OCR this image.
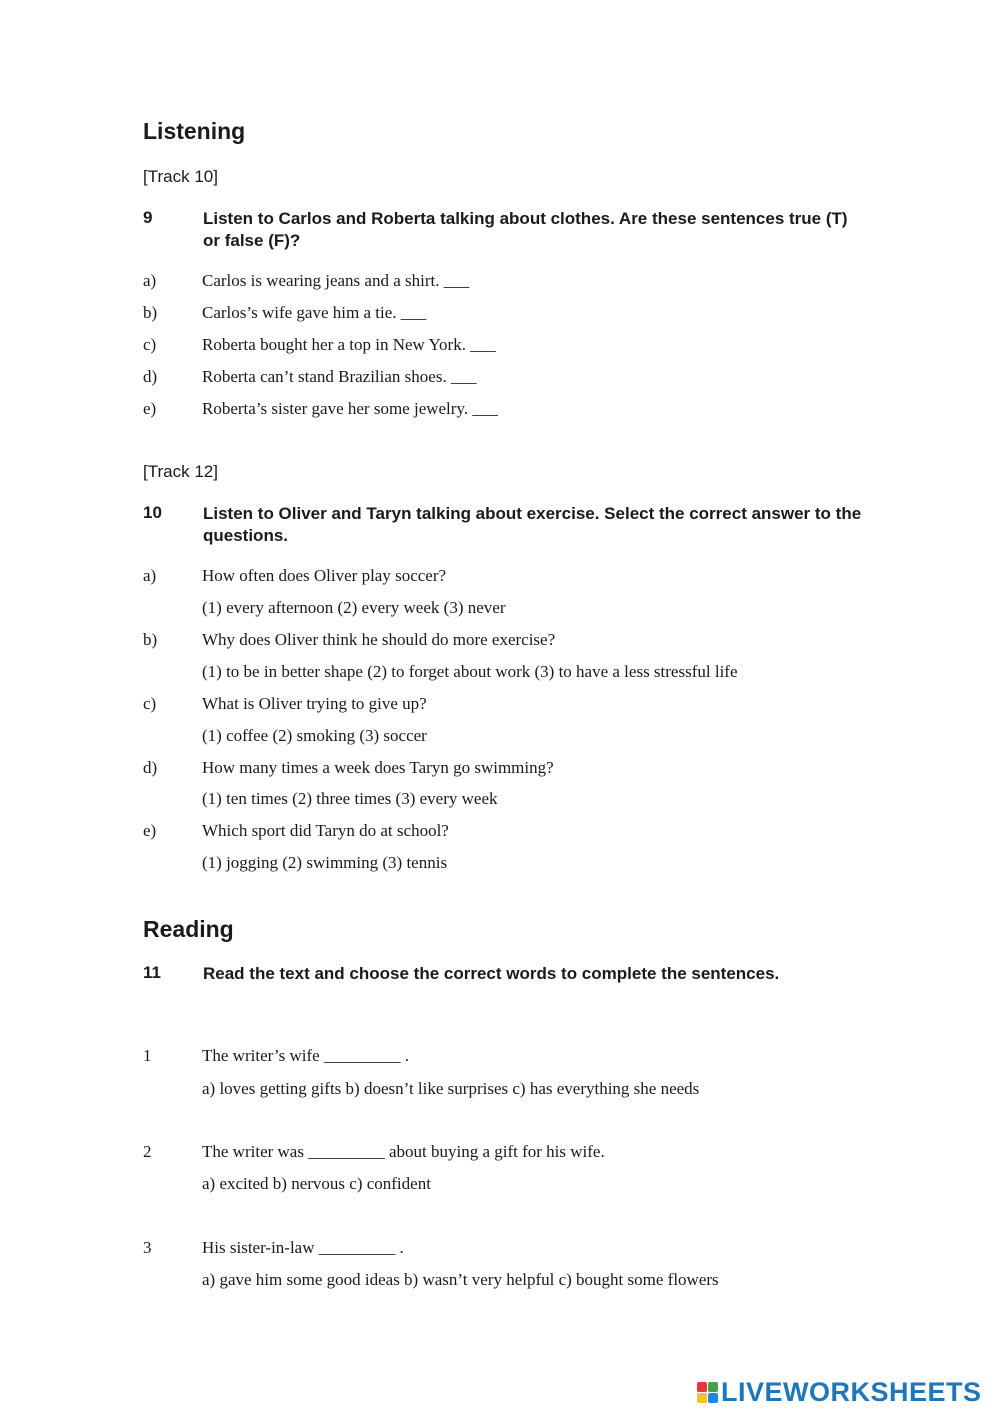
Listening
[Track 10]
9	Listen to Carlos and Roberta talking about clothes. Are these sentences true (T) or false (F)?
a)	Carlos is wearing jeans and a shirt. ___
b)	Carlos’s wife gave him a tie. ___
c)	Roberta bought her a top in New York. ___
d)	Roberta can’t stand Brazilian shoes. ___
e)	Roberta’s sister gave her some jewelry. ___
[Track 12]
10 Listen to Oliver and Taryn talking about exercise. Select the correct answer to the questions.
a)	How often does Oliver play soccer?
(1) every afternoon (2) every week (3) never
b)	Why does Oliver think he should do more exercise?
(1) to be in better shape (2) to forget about work (3) to have a less stressful life
c)	What is Oliver trying to give up?
(1) coffee (2) smoking (3) soccer
d)	How many times a week does Taryn go swimming?
(1) ten times (2) three times (3) every week
e)	Which sport did Taryn do at school?
(1) jogging (2) swimming (3) tennis
Reading
11 Read the text and choose the correct words to complete the sentences.
1	The writer’s wife _________ .
a) loves getting gifts b) doesn’t like surprises c) has everything she needs
2	The writer was _________ about buying a gift for his wife.
a) excited b) nervous c) confident
3	His sister-in-law _________ .
a) gave him some good ideas b) wasn’t very helpful c) bought some flowers
LIVEWORKSHEETS
